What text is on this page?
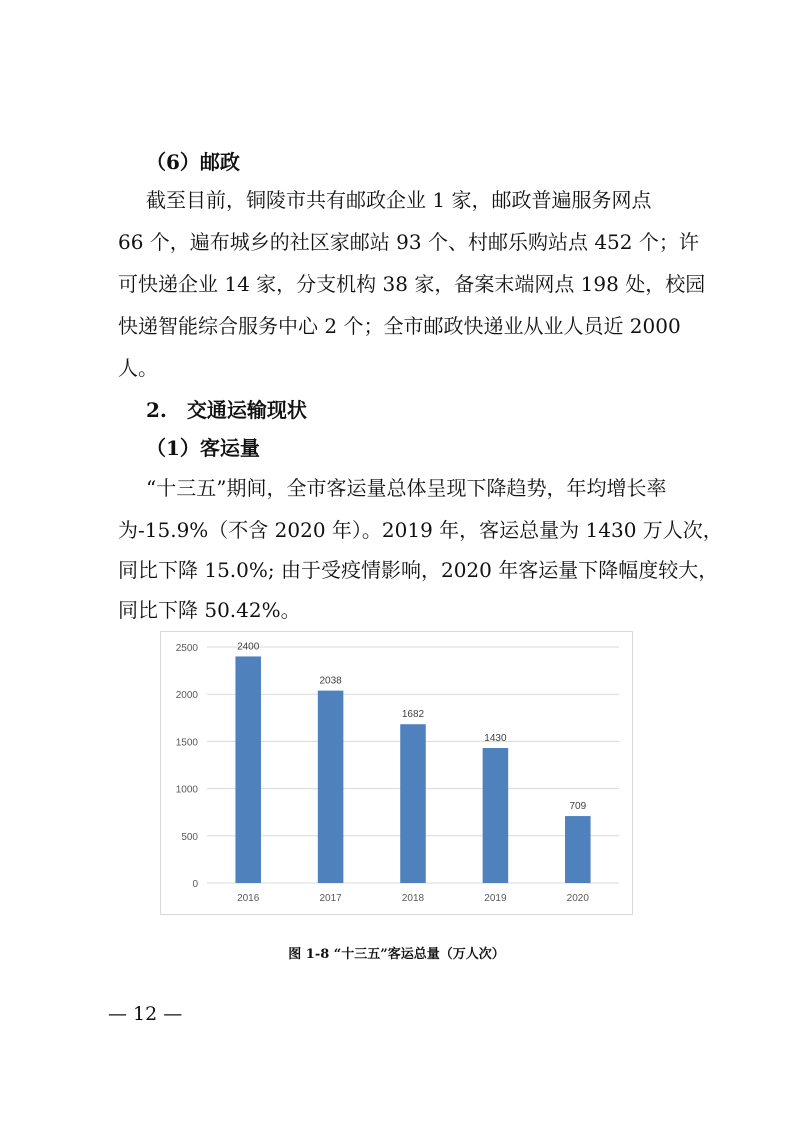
（6）邮政
截至目前，铜陵市共有邮政企业 1 家，邮政普遍服务网点
66 个，遍布城乡的社区家邮站 93 个、村邮乐购站点 452 个；许
可快递企业 14 家，分支机构 38 家，备案末端网点 198 处，校园
快递智能综合服务中心 2 个；全市邮政快递业从业人员近 2000
人。
2.　交通运输现状
（1）客运量
“十三五”期间，全市客运量总体呈现下降趋势，年均增长率
为-15.9%（不含 2020 年）。2019 年，客运总量为 1430 万人次，
同比下降 15.0%; 由于受疫情影响，2020 年客运量下降幅度较大，
同比下降 50.42%。
0
500
1000
1500
2000
2500	2400
2016
2038
2017
1682
2018
1430
2019
709
2020
图 1-8 “十三五”客运总量（万人次）
— 12 —
